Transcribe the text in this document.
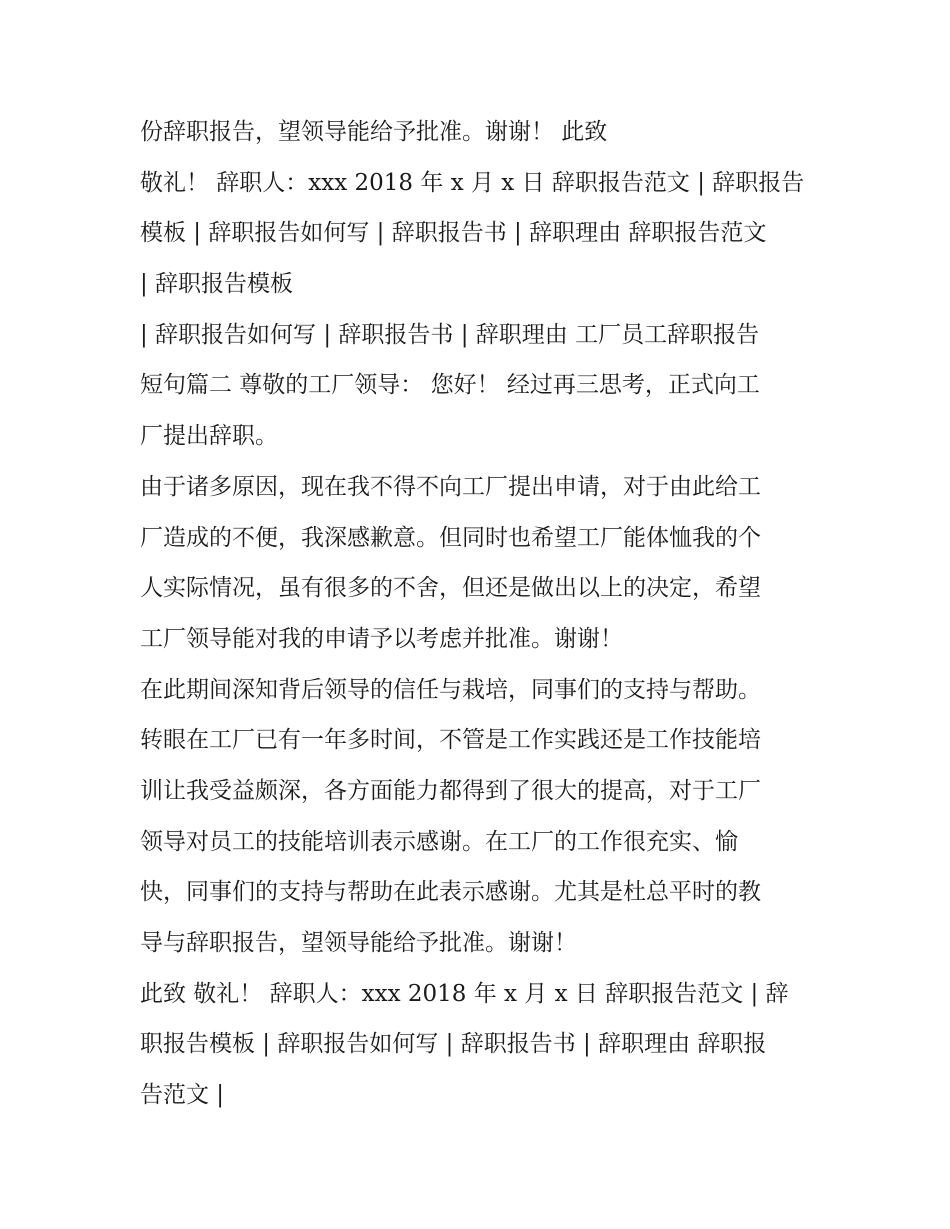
份辞职报告，望领导能给予批准。谢谢！ 此致
敬礼！ 辞职人：xxx 2018 年 x 月 x 日 辞职报告范文 | 辞职报告
模板 | 辞职报告如何写 | 辞职报告书 | 辞职理由 辞职报告范文
| 辞职报告模板
| 辞职报告如何写 | 辞职报告书 | 辞职理由 工厂员工辞职报告
短句篇二 尊敬的工厂领导： 您好！ 经过再三思考，正式向工
厂提出辞职。
由于诸多原因，现在我不得不向工厂提出申请，对于由此给工
厂造成的不便，我深感歉意。但同时也希望工厂能体恤我的个
人实际情况，虽有很多的不舍，但还是做出以上的决定，希望
工厂领导能对我的申请予以考虑并批准。谢谢！
在此期间深知背后领导的信任与栽培，同事们的支持与帮助。
转眼在工厂已有一年多时间，不管是工作实践还是工作技能培
训让我受益颇深，各方面能力都得到了很大的提高，对于工厂
领导对员工的技能培训表示感谢。在工厂的工作很充实、愉
快，同事们的支持与帮助在此表示感谢。尤其是杜总平时的教
导与辞职报告，望领导能给予批准。谢谢！
此致 敬礼！ 辞职人：xxx 2018 年 x 月 x 日 辞职报告范文 | 辞
职报告模板 | 辞职报告如何写 | 辞职报告书 | 辞职理由 辞职报
告范文 |
